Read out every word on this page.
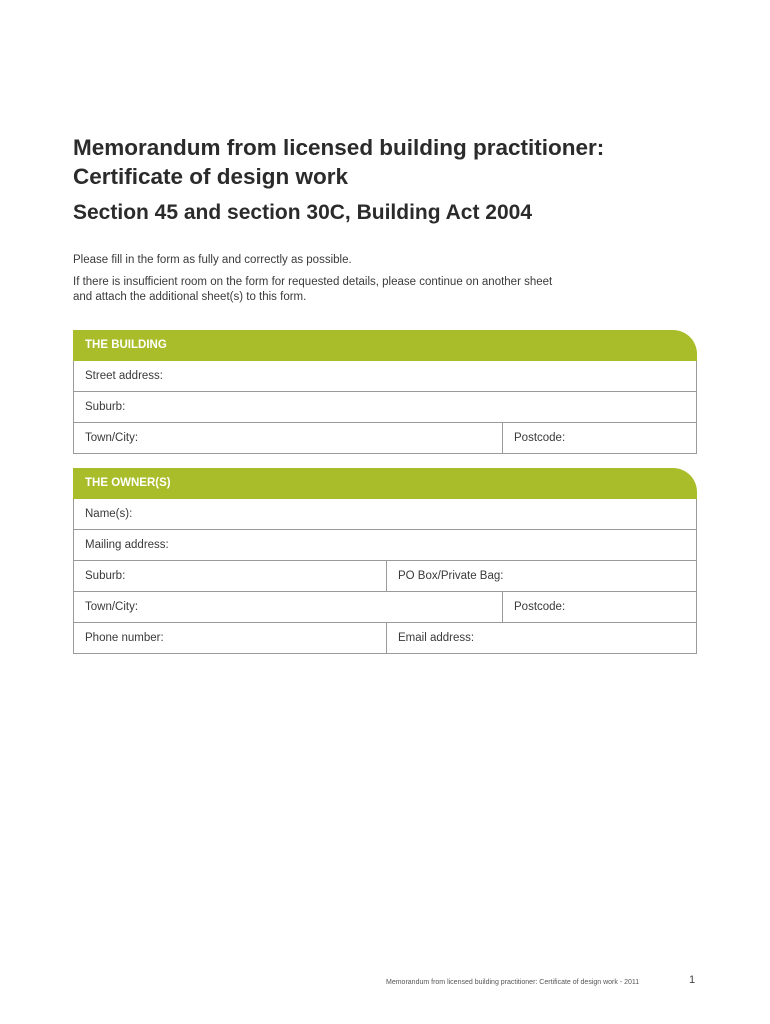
Memorandum from licensed building practitioner:
Certificate of design work
Section 45 and section 30C, Building Act 2004

Please fill in the form as fully and correctly as possible.

If there is insufficient room on the form for requested details, please continue on another sheet

and attach the additional sheet(s) to this form.

THE BUILDING
Street address:
Suburb:
Town/City:	Postcode:
THE OWNER(S)
Name(s):
Mailing address:
Suburb:	PO Box/Private Bag:
Town/City:	Postcode:
Phone number:	Email address:
Memorandum from licensed building practitioner: Certificate of design work - 2011	1
